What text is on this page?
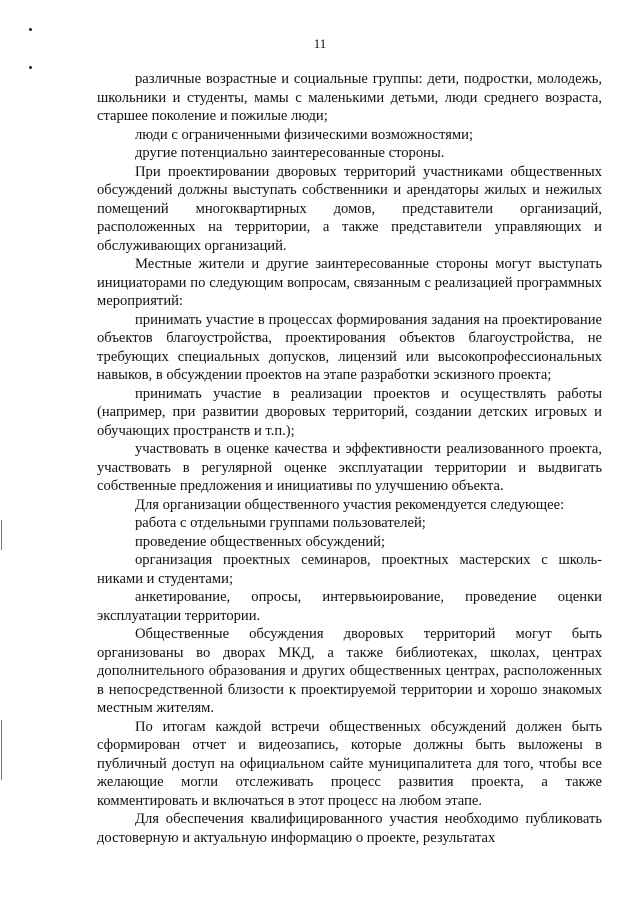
11

различные возрастные и социальные группы: дети, подростки, молодежь, школьники и студенты, мамы с маленькими детьми, люди среднего возраста, старшее поколение и пожилые люди;

люди с ограниченными физическими возможностями;

другие потенциально заинтересованные стороны.

При проектировании дворовых территорий участниками общественных обсуждений должны выступать собственники и арендаторы жилых и нежилых помещений многоквартирных домов, представители организаций, расположенных на территории, а также представители управляющих и обслуживающих организаций.

Местные жители и другие заинтересованные стороны могут выступать инициаторами по следующим вопросам, связанным с реализацией программных мероприятий:

принимать участие в процессах формирования задания на проектирование объектов благоустройства, проектирования объектов благоустройства, не требующих специальных допусков, лицензий или высокопрофессиональных навыков, в обсуждении проектов на этапе разработки эскизного проекта;

принимать участие в реализации проектов и осуществлять работы (например, при развитии дворовых территорий, создании детских игровых и обучающих пространств и т.п.);

участвовать в оценке качества и эффективности реализованного проекта, участвовать в регулярной оценке эксплуатации территории и выдвигать собственные предложения и инициативы по улучшению объекта.

Для организации общественного участия рекомендуется следующее:

работа с отдельными группами пользователей;

проведение общественных обсуждений;

организация проектных семинаров, проектных мастерских с школь-никами и студентами;

анкетирование, опросы, интервьюирование, проведение оценки эксплуатации территории.

Общественные обсуждения дворовых территорий могут быть организованы во дворах МКД, а также библиотеках, школах, центрах дополнительного образования и других общественных центрах, расположенных в непосредственной близости к проектируемой территории и хорошо знакомых местным жителям.

По итогам каждой встречи общественных обсуждений должен быть сформирован отчет и видеозапись, которые должны быть выложены в публичный доступ на официальном сайте муниципалитета для того, чтобы все желающие могли отслеживать процесс развития проекта, а также комментировать и включаться в этот процесс на любом этапе.

Для обеспечения квалифицированного участия необходимо публиковать достоверную и актуальную информацию о проекте, результатах
